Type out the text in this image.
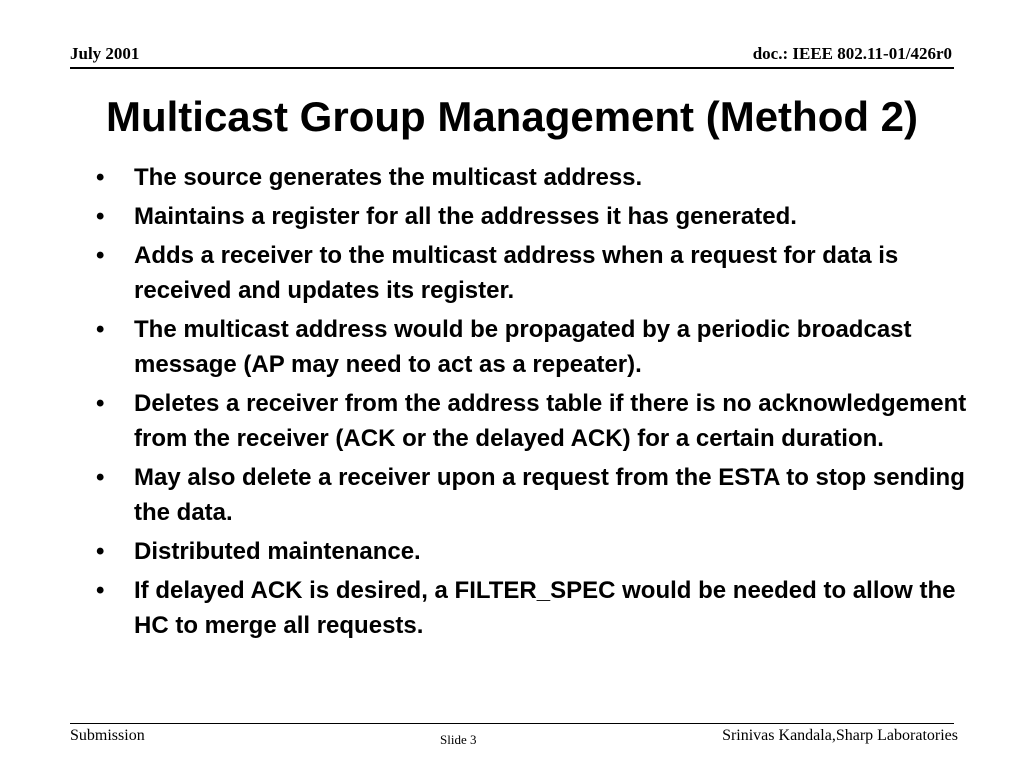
July 2001	doc.: IEEE 802.11-01/426r0
Multicast Group Management (Method 2)
• The source generates the multicast address.
• Maintains a register for all the addresses it has generated.
• Adds a receiver to the multicast address when a request for data is received and updates its register.
• The multicast address would be propagated by a periodic broadcast message (AP may need to act as a repeater).
• Deletes a receiver from the address table if there is no acknowledgement from the receiver (ACK or the delayed ACK) for a certain duration.
• May also delete a receiver upon a request from the ESTA to stop sending the data.
• Distributed maintenance.
• If delayed ACK is desired, a FILTER_SPEC would be needed to allow the HC to merge all requests.
Submission	Slide 3	Srinivas Kandala,Sharp Laboratories
